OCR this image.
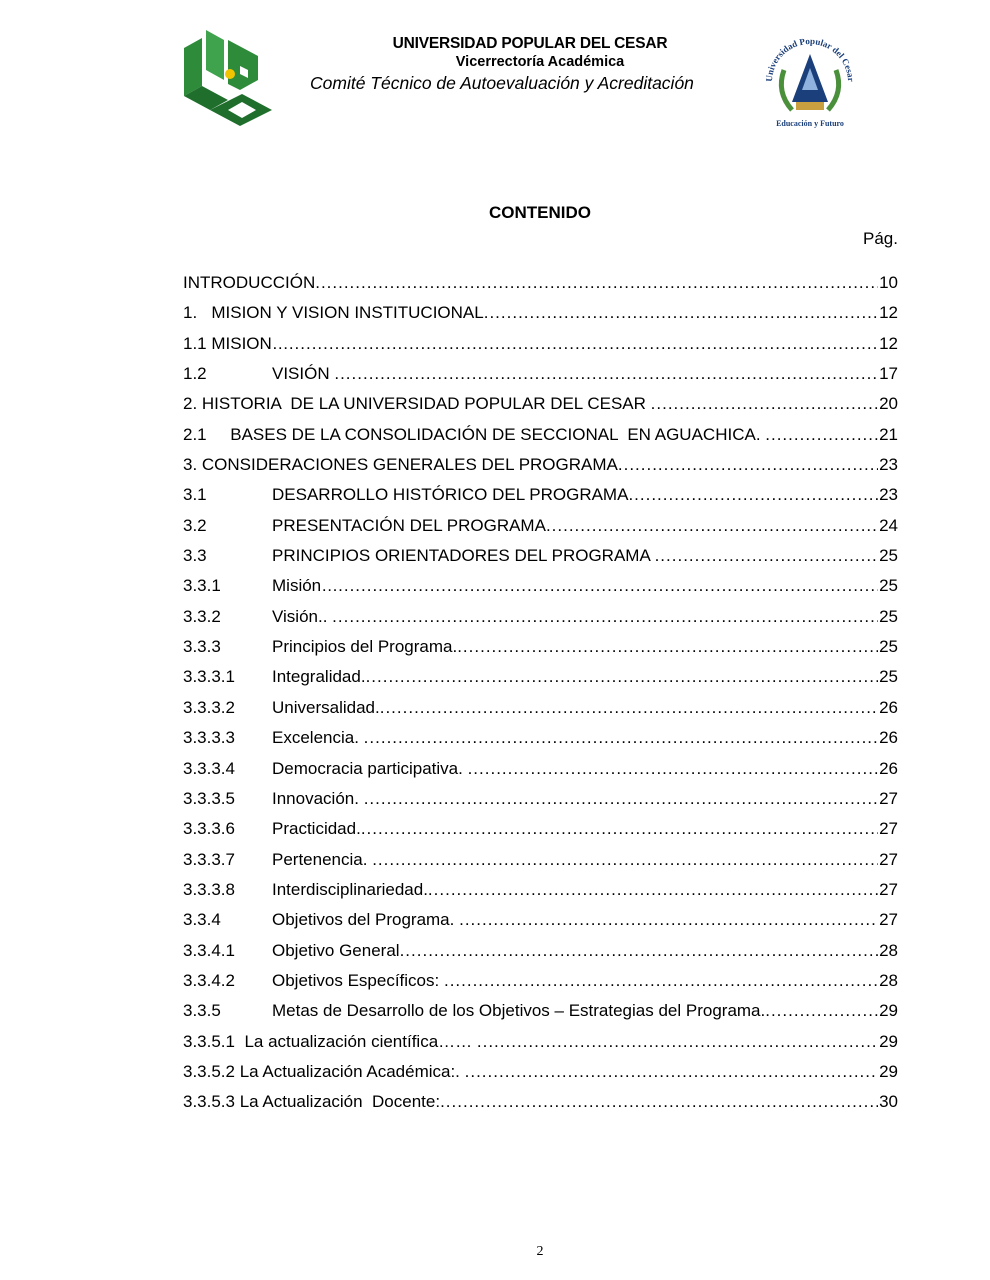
UNIVERSIDAD POPULAR DEL CESAR
Vicerrectoría Académica
Comité Técnico de Autoevaluación y Acreditación	Universidad Popular del Cesar
Educación y Futuro
CONTENIDO
Pág.
INTRODUCCIÓN .....	10
1. MISION Y VISION INSTITUCIONAL .....	12
1.1 MISION… .....	12
1.2	VISIÓN .....	17
2. HISTORIA  DE LA UNIVERSIDAD POPULAR DEL CESAR .....	20
2.1 BASES DE LA CONSOLIDACIÓN DE SECCIONAL  EN AGUACHICA. .....	21
3. CONSIDERACIONES GENERALES DEL PROGRAMA .....	23
3.1	DESARROLLO HISTÓRICO DEL PROGRAMA .....	23
3.2	PRESENTACIÓN DEL PROGRAMA .....	24
3.3	PRINCIPIOS ORIENTADORES DEL PROGRAMA .....	25
3.3.1	Misión… .....	25
3.3.2	Visión.. .....	25
3.3.3	Principios del Programa. .....	25
3.3.3.1	Integralidad. .....	25
3.3.3.2	Universalidad. .....	26
3.3.3.3	Excelencia. .....	26
3.3.3.4	Democracia participativa. .....	26
3.3.3.5	Innovación. .....	27
3.3.3.6	Practicidad. .....	27
3.3.3.7	Pertenencia. .....	27
3.3.3.8	Interdisciplinariedad. .....	27
3.3.4	Objetivos del Programa. .....	27
3.3.4.1	Objetivo General .....	28
3.3.4.2	Objetivos Específicos: .....	28
3.3.5	Metas de Desarrollo de los Objetivos – Estrategias del Programa. .....	29
3.3.5.1 La actualización científica…… .....	29
3.3.5.2 La Actualización Académica:. .....	29
3.3.5.3 La Actualización  Docente: .....	30
2
